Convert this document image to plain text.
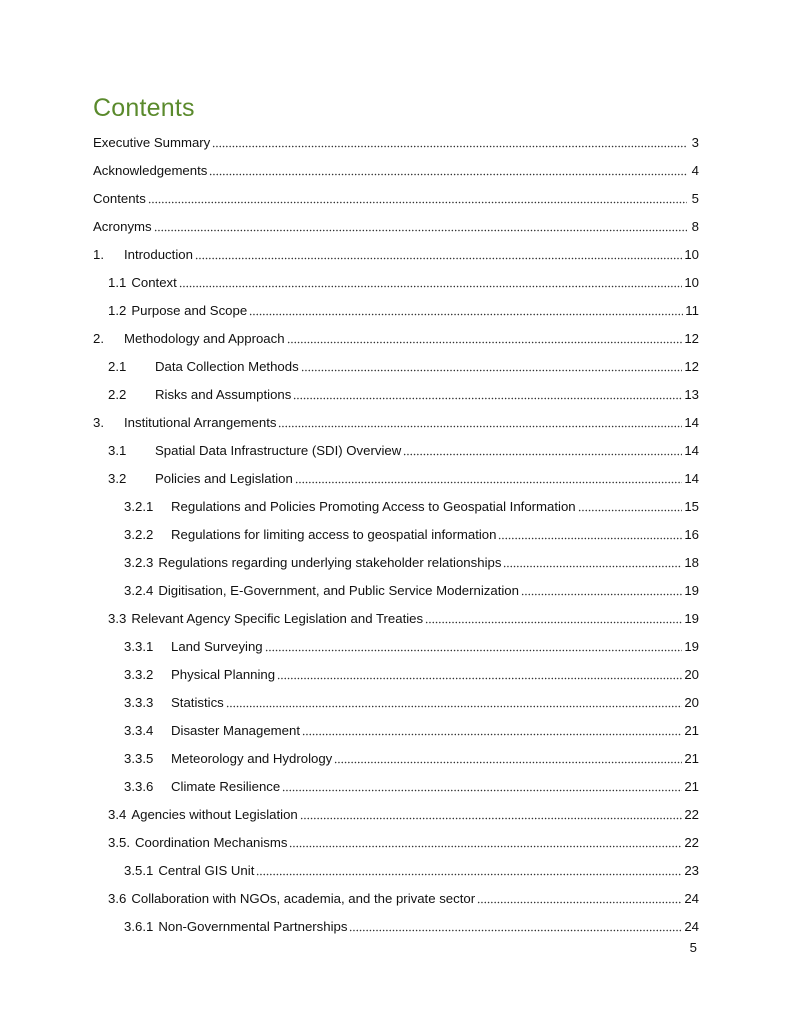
Contents
Executive Summary	3
Acknowledgements	4
Contents	5
Acronyms	8
1.	Introduction	10
1.1 Context	10
1.2 Purpose and Scope	11
2.	Methodology and Approach	12
2.1	Data Collection Methods	12
2.2	Risks and Assumptions	13
3.	Institutional Arrangements	14
3.1	Spatial Data Infrastructure (SDI) Overview	14
3.2	Policies and Legislation	14
3.2.1	Regulations and Policies Promoting Access to Geospatial Information	15
3.2.2	Regulations for limiting access to geospatial information	16
3.2.3 Regulations regarding underlying stakeholder relationships	18
3.2.4 Digitisation, E-Government, and Public Service Modernization	19
3.3 Relevant Agency Specific Legislation and Treaties	19
3.3.1	Land Surveying	19
3.3.2	Physical Planning	20
3.3.3	Statistics	20
3.3.4	Disaster Management	21
3.3.5	Meteorology and Hydrology	21
3.3.6	Climate Resilience	21
3.4 Agencies without Legislation	22
3.5. Coordination Mechanisms	22
3.5.1 Central GIS Unit	23
3.6 Collaboration with NGOs, academia, and the private sector	24
3.6.1 Non-Governmental Partnerships	24
5
